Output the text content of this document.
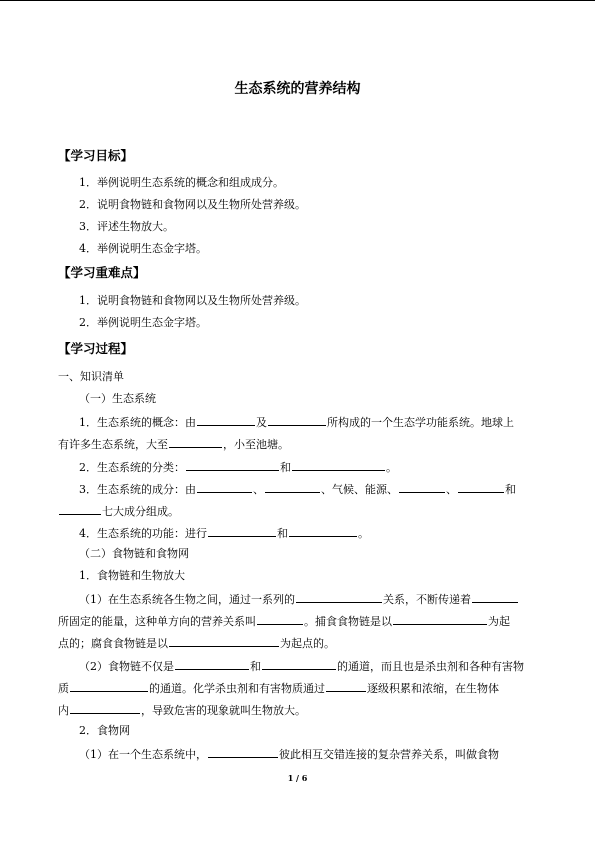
生态系统的营养结构
【学习目标】
1．举例说明生态系统的概念和组成成分。
2．说明食物链和食物网以及生物所处营养级。
3．评述生物放大。
4．举例说明生态金字塔。
【学习重难点】
1．说明食物链和食物网以及生物所处营养级。
2．举例说明生态金字塔。
【学习过程】
一、知识清单
（一）生态系统
1．生态系统的概念：由	及	所构成的一个生态学功能系统。地球上
有许多生态系统，大至	，小至池塘。
2．生态系统的分类：	和	。
3．生态系统的成分：由	、	、气候、能源、	、	和
七大成分组成。
4．生态系统的功能：进行	和	。
（二）食物链和食物网
1．食物链和生物放大
（1）在生态系统各生物之间，通过一系列的	关系，不断传递着
所固定的能量，这种单方向的营养关系叫	。捕食食物链是以	为起
点的；腐食食物链是以	为起点的。
（2）食物链不仅是	和	的通道，而且也是杀虫剂和各种有害物
质	的通道。化学杀虫剂和有害物质通过	逐级积累和浓缩，在生物体
内	，导致危害的现象就叫生物放大。
2．食物网
（1）在一个生态系统中，	彼此相互交错连接的复杂营养关系，叫做食物
1 / 6
